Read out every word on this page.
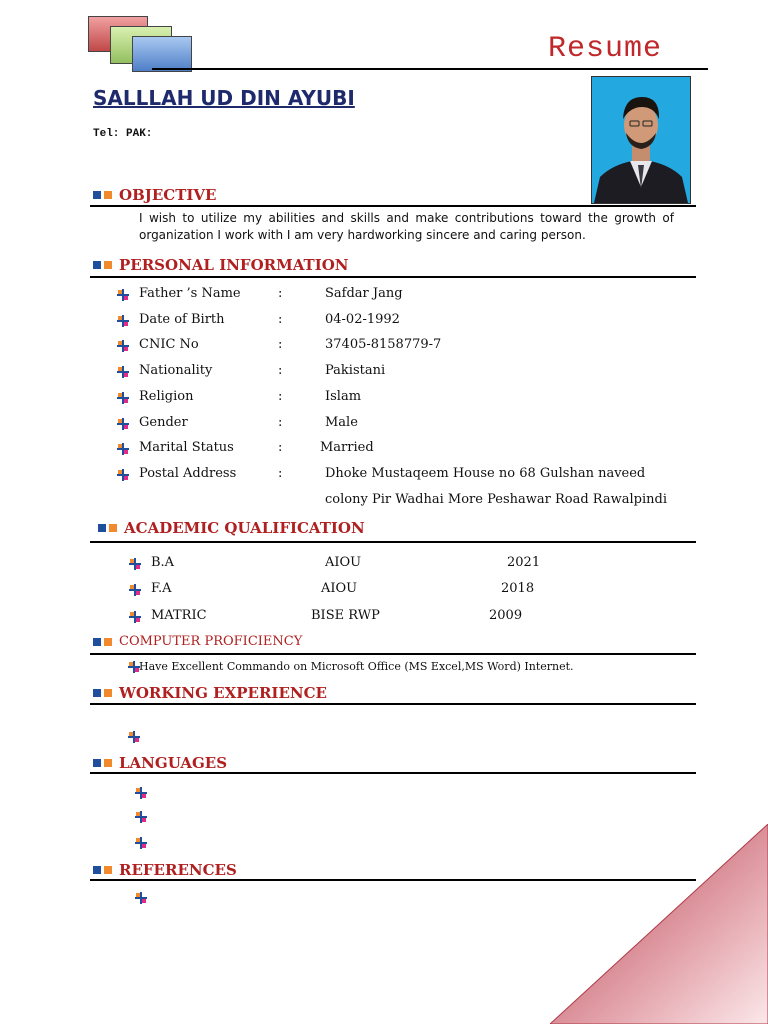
Resume
SALLLAH UD DIN AYUBI
Tel: PAK:
OBJECTIVE
I wish to utilize my abilities and skills and make contributions toward the growth of organization I work with I am very hardworking sincere and caring person.
PERSONAL INFORMATION
Father ’s Name	:	Safdar Jang
Date of Birth	:	04-02-1992
CNIC No	:	37405-8158779-7
Nationality	:	Pakistani
Religion	:	Islam
Gender	:	Male
Marital Status	:	Married
Postal Address	:	Dhoke Mustaqeem House no 68 Gulshan naveed
colony Pir Wadhai More Peshawar Road Rawalpindi
ACADEMIC QUALIFICATION
B.A	AIOU	2021
F.A	AIOU	2018
MATRIC	BISE RWP	2009
COMPUTER PROFICIENCY
Have Excellent Commando on Microsoft Office (MS Excel,MS Word) Internet.
WORKING EXPERIENCE
LANGUAGES
REFERENCES
